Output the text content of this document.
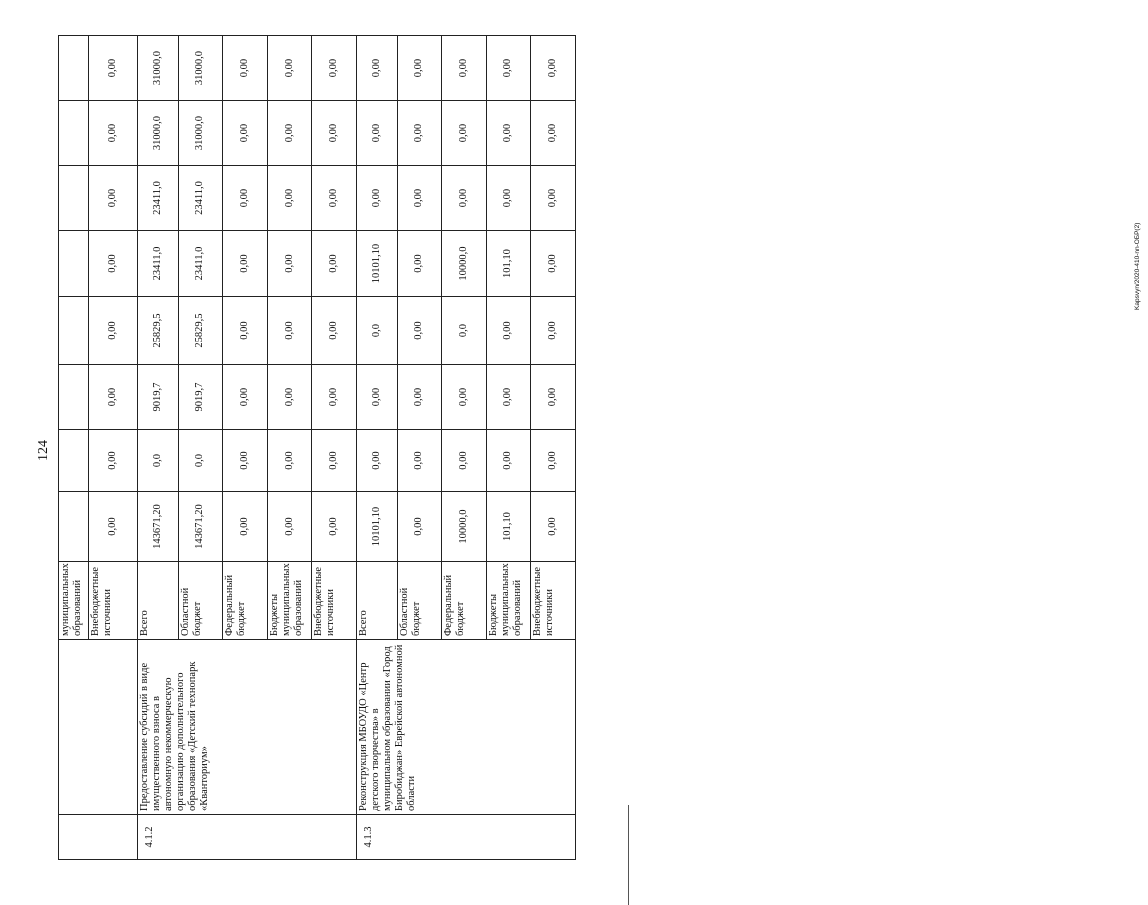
124
		муниципальных образований								
		Внебюджетные источники	0,00	0,00	0,00	0,00	0,00	0,00	0,00	0,00
4.1.2	Предоставление субсидий в виде имущественного взноса в автономную некоммерческую организацию дополнительного образования «Детский технопарк «Кванториум»	Всего	143671,20	0,0	9019,7	25829,5	23411,0	23411,0	31000,0	31000,0
		Областной бюджет	143671,20	0,0	9019,7	25829,5	23411,0	23411,0	31000,0	31000,0
		Федеральный бюджет	0,00	0,00	0,00	0,00	0,00	0,00	0,00	0,00
		Бюджеты муниципальных образований	0,00	0,00	0,00	0,00	0,00	0,00	0,00	0,00
		Внебюджетные источники	0,00	0,00	0,00	0,00	0,00	0,00	0,00	0,00
4.1.3	Реконструкция МБОУДО «Центр детского творчества» в муниципальном образовании «Город Биробиджан» Еврейской автономной области	Всего	10101,10	0,00	0,00	0,0	10101,10	0,00	0,00	0,00
		Областной бюджет	0,00	0,00	0,00	0,00	0,00	0,00	0,00	0,00
		Федеральный бюджет	10000,0	0,00	0,00	0,0	10000,0	0,00	0,00	0,00
		Бюджеты муниципальных образований	101,10	0,00	0,00	0,00	101,10	0,00	0,00	0,00
		Внебюджетные источники	0,00	0,00	0,00	0,00	0,00	0,00	0,00	0,00
Kapsvyn/2020-410-nn-OБР(2)
